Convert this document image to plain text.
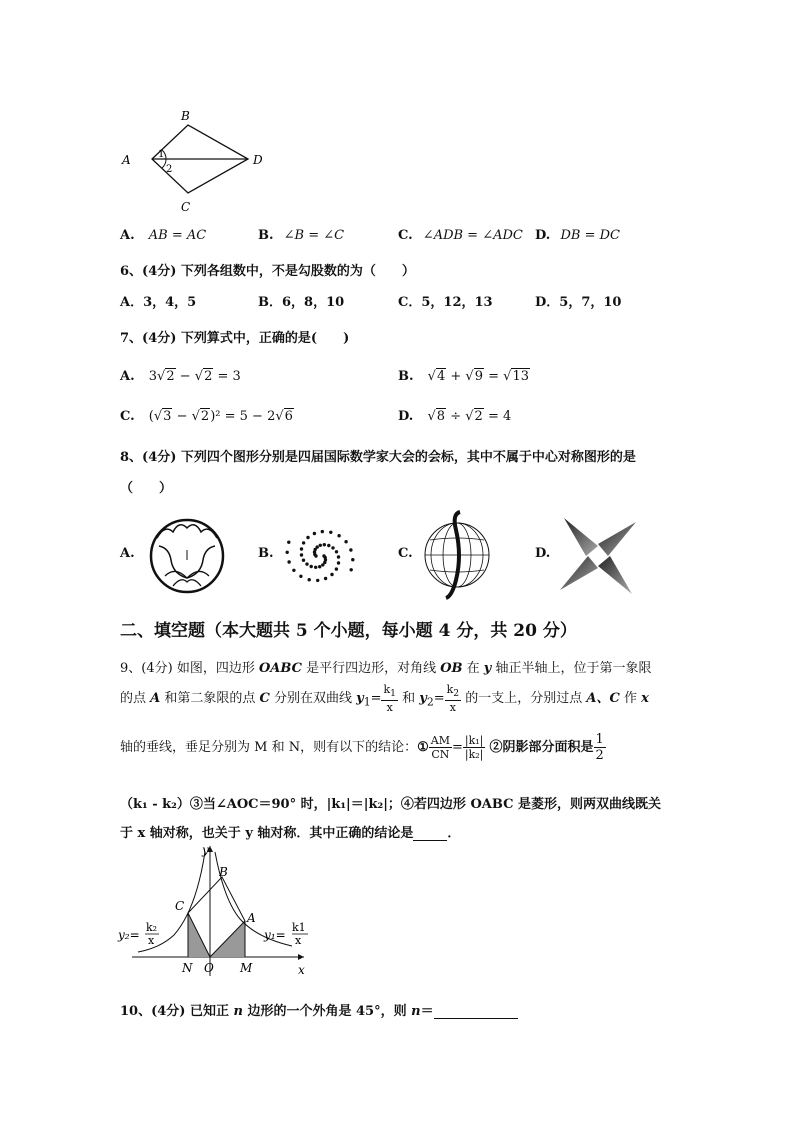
B
A	D
C
1
2
A. AB = AC	B. ∠B = ∠C	C. ∠ADB = ∠ADC D. DB = DC
6、(4分) 下列各组数中，不是勾股数的为（　　）
A．3，4，5	B．6，8，10	C．5，12，13	D．5，7，10
7、(4分) 下列算式中，正确的是(　　)
A. 3√2 − √2 = 3	B. √4 + √9 = √13
C. (√3 − √2)² = 5 − 2√6	D. √8 ÷ √2 = 4
8、(4分) 下列四个图形分别是四届国际数学家大会的会标，其中不属于中心对称图形的是
（　　）
A.	B.	C.	D.
二、填空题（本大题共 5 个小题，每小题 4 分，共 20 分）
9、(4分) 如图，四边形 OABC 是平行四边形，对角线 OB 在 y 轴正半轴上，位于第一象限
的点 A 和第二象限的点 C 分别在双曲线 $y_1= \frac{k_1}{x}$ 和 $y_2= \frac{k_2}{x}$ 的一支上，分别过点 A、C 作 x
轴的垂线，垂足分别为 M 和 N，则有以下的结论：① $\frac{AM}{CN} = \frac{\text{|k₁|}}{\text{|k₂|}}$ ②阴影部分面积是 $\frac{1}{2}$
（k₁ - k₂）③当∠AOC＝90° 时，|k₁|＝|k₂|；④若四边形 OABC 是菱形，则两双曲线既关
于 x 轴对称，也关于 y 轴对称．其中正确的结论是	．
y
x
B
C
A
N O M
y₂=
k₂
x	y₁=
k1
x
10、(4分) 已知正 n 边形的一个外角是 45°，则 n＝
